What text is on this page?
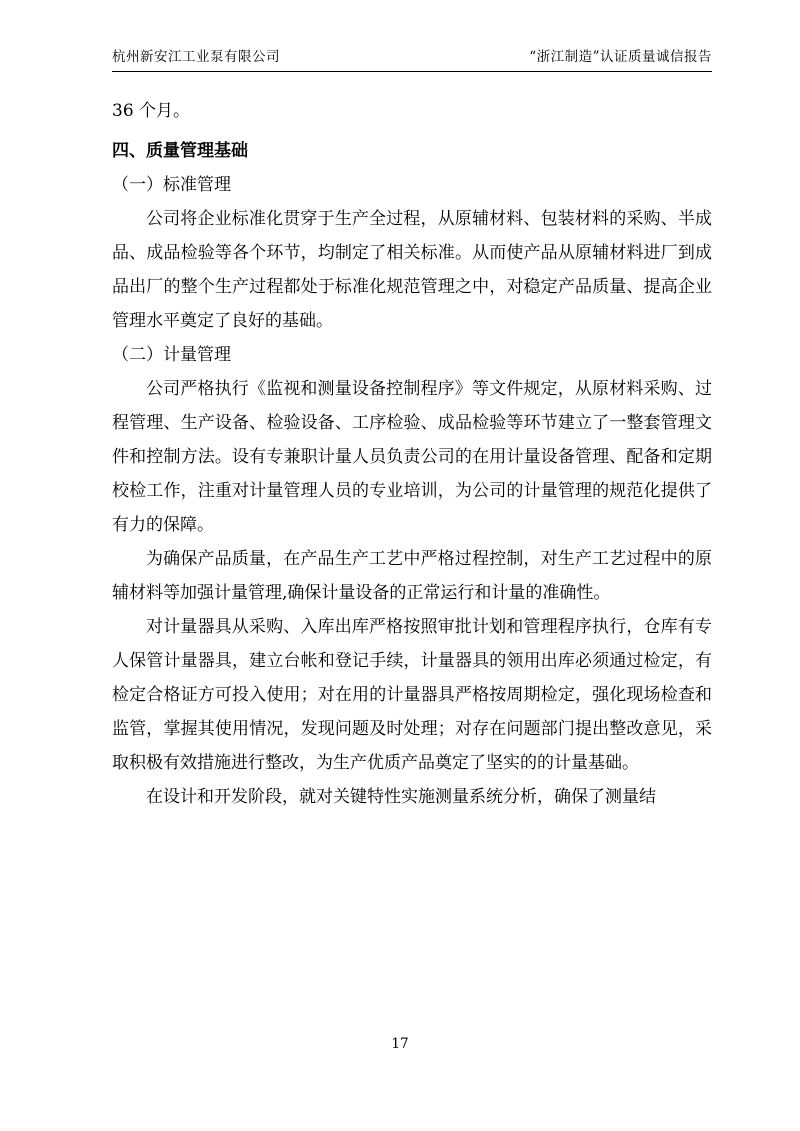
杭州新安江工业泵有限公司	“浙江制造”认证质量诚信报告

36 个月。

四、质量管理基础

（一）标准管理

公司将企业标准化贯穿于生产全过程，从原辅材料、包装材料的采购、半成品、成品检验等各个环节，均制定了相关标准。从而使产品从原辅材料进厂到成品出厂的整个生产过程都处于标准化规范管理之中，对稳定产品质量、提高企业管理水平奠定了良好的基础。

（二）计量管理

公司严格执行《监视和测量设备控制程序》等文件规定，从原材料采购、过程管理、生产设备、检验设备、工序检验、成品检验等环节建立了一整套管理文件和控制方法。设有专兼职计量人员负责公司的在用计量设备管理、配备和定期校检工作，注重对计量管理人员的专业培训，为公司的计量管理的规范化提供了有力的保障。

为确保产品质量，在产品生产工艺中严格过程控制，对生产工艺过程中的原辅材料等加强计量管理,确保计量设备的正常运行和计量的准确性。

对计量器具从采购、入库出库严格按照审批计划和管理程序执行，仓库有专人保管计量器具，建立台帐和登记手续，计量器具的领用出库必须通过检定，有检定合格证方可投入使用；对在用的计量器具严格按周期检定，强化现场检查和监管，掌握其使用情况，发现问题及时处理；对存在问题部门提出整改意见，采取积极有效措施进行整改，为生产优质产品奠定了坚实的的计量基础。

在设计和开发阶段，就对关键特性实施测量系统分析，确保了测量结

17
